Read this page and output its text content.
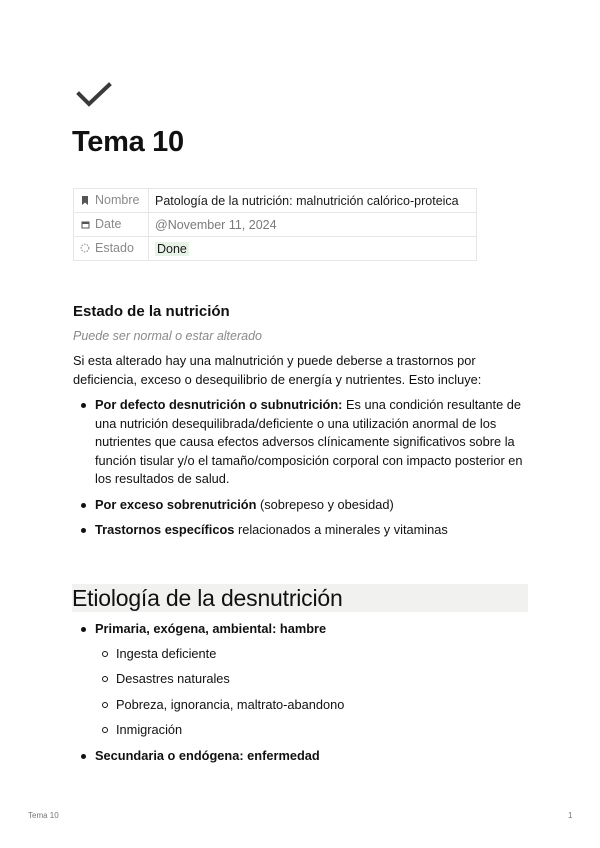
Tema 10
Nombre	Patología de la nutrición: malnutrición calórico-proteica
Date	@November 11, 2024
Estado	Done
Estado de la nutrición
Puede ser normal o estar alterado

Si esta alterado hay una malnutrición y puede deberse a trastornos por deficiencia, exceso o desequilibrio de energía y nutrientes. Esto incluye:

Por defecto desnutrición o subnutrición: Es una condición resultante de una nutrición desequilibrada/deficiente o una utilización anormal de los nutrientes que causa efectos adversos clínicamente significativos sobre la función tisular y/o el tamaño/composición corporal con impacto posterior en los resultados de salud.
Por exceso sobrenutrición (sobrepeso y obesidad)
Trastornos específicos relacionados a minerales y vitaminas
Etiología de la desnutrición
Primaria, exógena, ambiental: hambre
Ingesta deficiente
Desastres naturales
Pobreza, ignorancia, maltrato-abandono
Inmigración
Secundaria o endógena: enfermedad
Tema 10	1
